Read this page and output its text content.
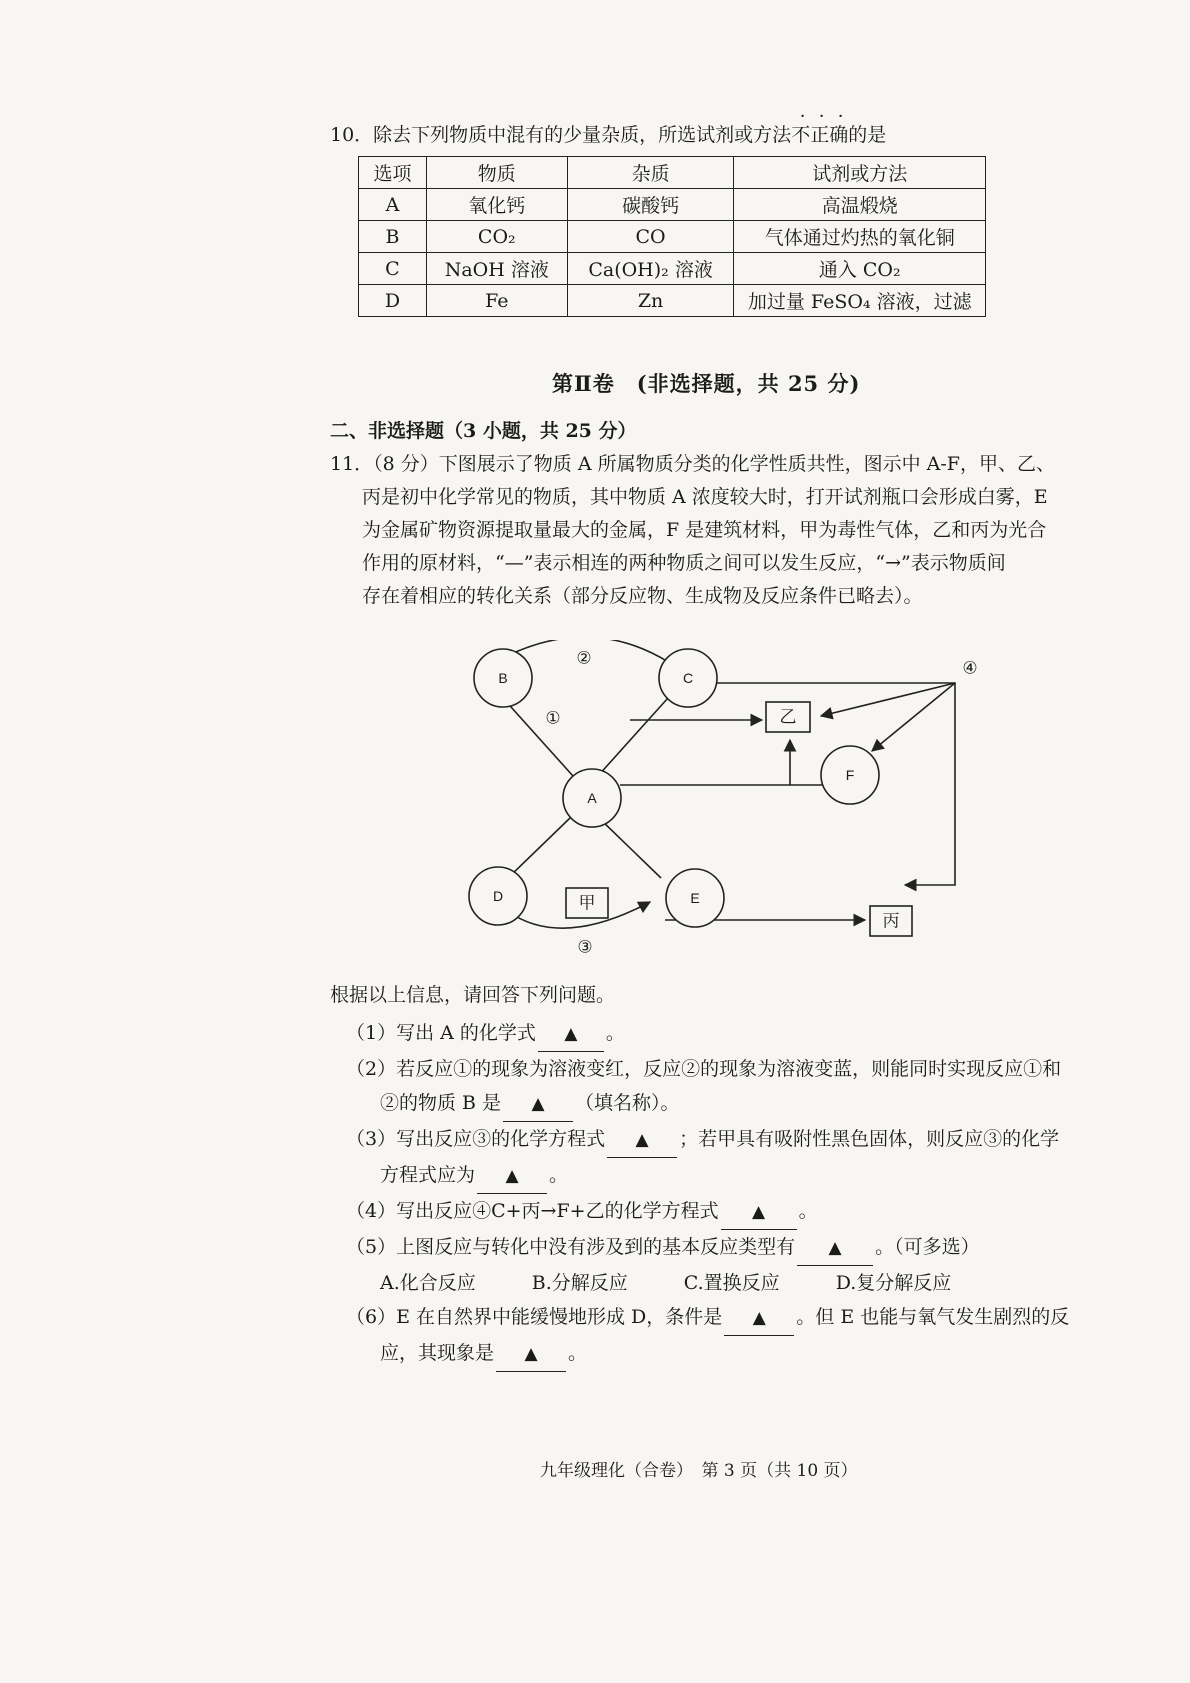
10．除去下列物质中混有的少量杂质，所选试剂或方法不正确的是
选项	物质	杂质	试剂或方法
A	氧化钙	碳酸钙	高温煅烧
B	CO₂	CO	气体通过灼热的氧化铜
C	NaOH 溶液	Ca(OH)₂ 溶液	通入 CO₂
D	Fe	Zn	加过量 FeSO₄ 溶液，过滤
第Ⅱ卷　(非选择题，共 25 分)
二、非选择题（3 小题，共 25 分）
11．（8 分）下图展示了物质 A 所属物质分类的化学性质共性，图示中 A-F，甲、乙、

丙是初中化学常见的物质，其中物质 A 浓度较大时，打开试剂瓶口会形成白雾，E
为金属矿物资源提取量最大的金属，F 是建筑材料，甲为毒性气体，乙和丙为光合
作用的原材料，“—”表示相连的两种物质之间可以发生反应，“→”表示物质间
存在着相应的转化关系（部分反应物、生成物及反应条件已略去）。
B	C
A
D	E
F
乙
甲
丙
②
①
③
④
根据以上信息，请回答下列问题。
（1）写出 A 的化学式 ▲ 。
（2）若反应①的现象为溶液变红，反应②的现象为溶液变蓝，则能同时实现反应①和
②的物质 B 是 ▲ （填名称）。
（3）写出反应③的化学方程式 ▲ ；若甲具有吸附性黑色固体，则反应③的化学
方程式应为 ▲ 。
（4）写出反应④C+丙→F+乙的化学方程式 ▲ 。
（5）上图反应与转化中没有涉及到的基本反应类型有 ▲ 。（可多选）
A.化合反应	B.分解反应	C.置换反应	D.复分解反应
（6）E 在自然界中能缓慢地形成 D，条件是 ▲ 。但 E 也能与氧气发生剧烈的反
应，其现象是 ▲ 。
九年级理化（合卷）　第 3 页（共 10 页）
